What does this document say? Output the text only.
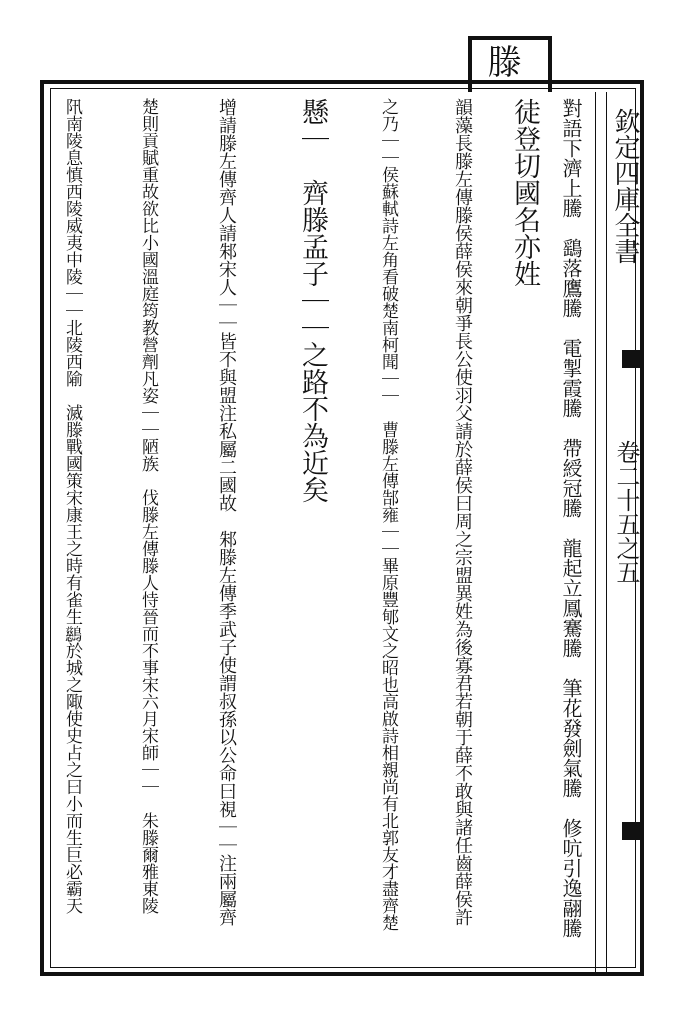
滕
欽定四庫全書
卷二十五之五
對語下濟上騰　鷂落鷹騰　電掣霞騰　帶綬冠騰　龍起立鳳騫騰　筆花發劍氣騰　修吭引逸翮騰
徒登切國名亦姓
韻藻長滕左傳滕侯薛侯來朝爭長公使羽父請於薛侯曰周之宗盟異姓為後寡君若朝于薛不敢與諸任齒薛侯許
之乃｜｜侯蘇軾詩左角看破楚南柯聞｜｜　曹滕左傳郜雍｜｜畢原豐郇文之昭也高啟詩相親尚有北郭友才盡齊楚
懸｜　齊滕孟子｜｜之路不為近矣
增請滕左傳齊人請邾宋人｜｜皆不與盟注私屬二國故　邾滕左傳季武子使謂叔孫以公命曰視｜｜注兩屬齊
楚則貢賦重故欲比小國溫庭筠教營劑凡姿｜｜陋族　伐滕左傳滕人恃晉而不事宋六月宋師｜｜　朱滕爾雅東陵
阠南陵息慎西陵威夷中陵｜｜北陵西隃　滅滕戰國策宋康王之時有雀生𪇔於城之陬使史占之曰小而生巨必霸天
